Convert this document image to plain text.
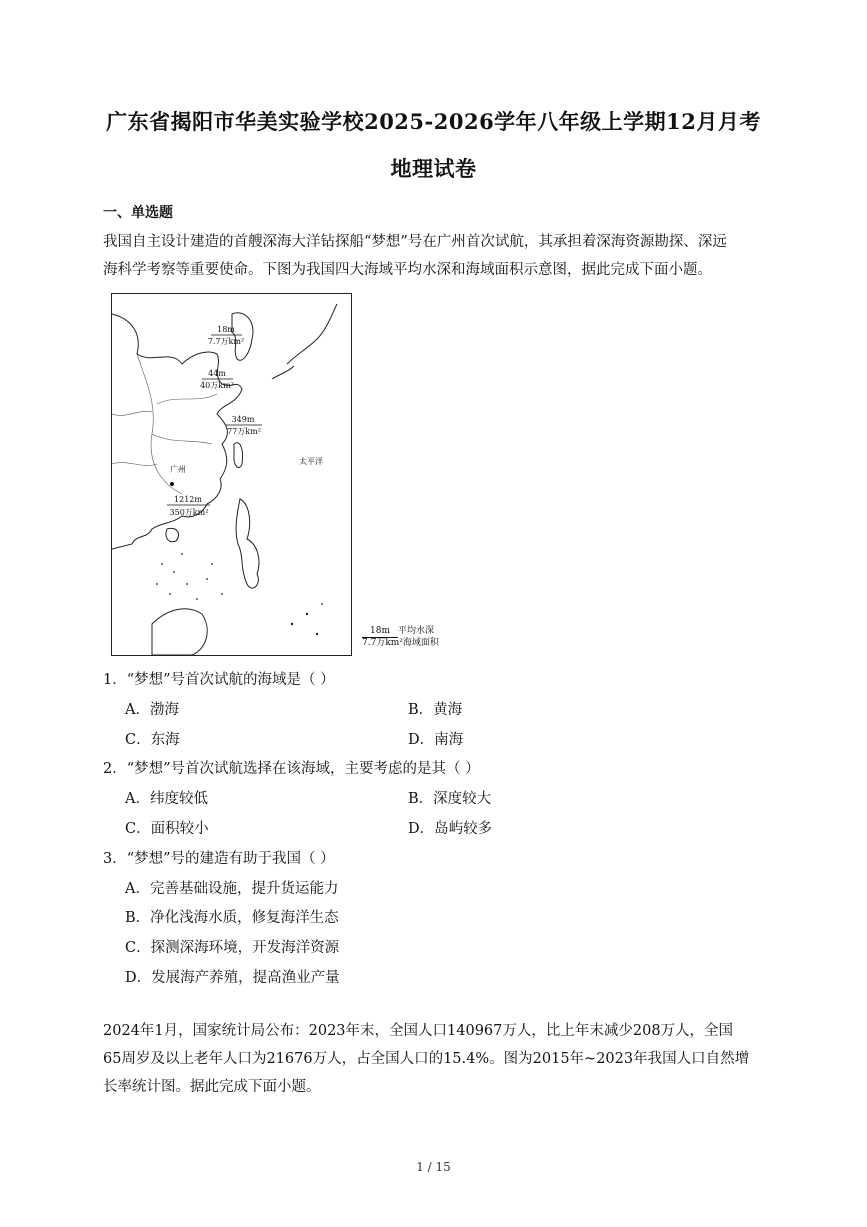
广东省揭阳市华美实验学校2025-2026学年八年级上学期12月月考
地理试卷
一、单选题
我国自主设计建造的首艘深海大洋钻探船“梦想”号在广州首次试航，其承担着深海资源勘探、深远
海科学考察等重要使命。下图为我国四大海域平均水深和海域面积示意图，据此完成下面小题。
18m
7.7万km²
44m
40万km²
349m
77万km²
1212m
350万km²
广州
太平洋
18m 平均水深
7.7万km²海域面积
1．“梦想”号首次试航的海域是（ ）
A．渤海	B．黄海
C．东海	D．南海
2．“梦想”号首次试航选择在该海域，主要考虑的是其（ ）
A．纬度较低	B．深度较大
C．面积较小	D．岛屿较多
3．“梦想”号的建造有助于我国（ ）
A．完善基础设施，提升货运能力
B．净化浅海水质，修复海洋生态
C．探测深海环境，开发海洋资源
D．发展海产养殖，提高渔业产量
2024年1月，国家统计局公布：2023年末，全国人口140967万人，比上年末减少208万人，全国
65周岁及以上老年人口为21676万人，占全国人口的15.4%。图为2015年~2023年我国人口自然增
长率统计图。据此完成下面小题。
1 / 15
